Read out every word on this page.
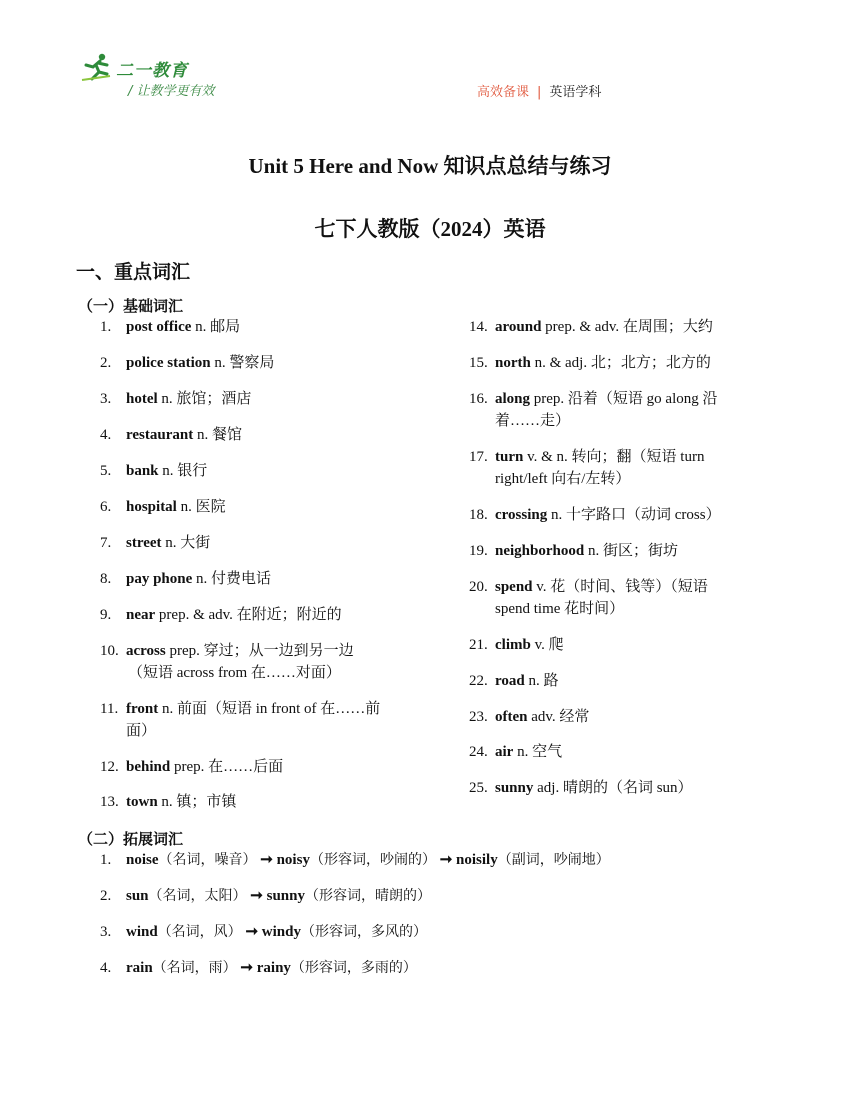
二一教育
/ 让教学更有效	高效备课 | 英语学科
Unit 5 Here and Now 知识点总结与练习
七下人教版（2024）英语
一、重点词汇
（一）基础词汇
1. post office n. 邮局
2. police station n. 警察局
3. hotel n. 旅馆；酒店
4. restaurant n. 餐馆
5. bank n. 银行
6. hospital n. 医院
7. street n. 大街
8. pay phone n. 付费电话
9. near prep. & adv. 在附近；附近的
10. across prep. 穿过；从一边到另一边
（短语 across from 在……对面）
11. front n. 前面（短语 in front of 在……前
面）
12. behind prep. 在……后面
13. town n. 镇；市镇
14. around prep. & adv. 在周围；大约
15. north n. & adj. 北；北方；北方的
16. along prep. 沿着（短语 go along 沿
着……走）
17. turn v. & n. 转向；翻（短语 turn
right/left 向右/左转）
18. crossing n. 十字路口（动词 cross）
19. neighborhood n. 街区；街坊
20. spend v. 花（时间、钱等）（短语
spend time 花时间）
21. climb v. 爬
22. road n. 路
23. often adv. 经常
24. air n. 空气
25. sunny adj. 晴朗的（名词 sun）
（二）拓展词汇
1. noise（名词，噪音） ➞ noisy（形容词，吵闹的） ➞ noisily（副词，吵闹地）
2. sun（名词，太阳） ➞ sunny（形容词，晴朗的）
3. wind（名词，风） ➞ windy（形容词，多风的）
4. rain（名词，雨） ➞ rainy（形容词，多雨的）
